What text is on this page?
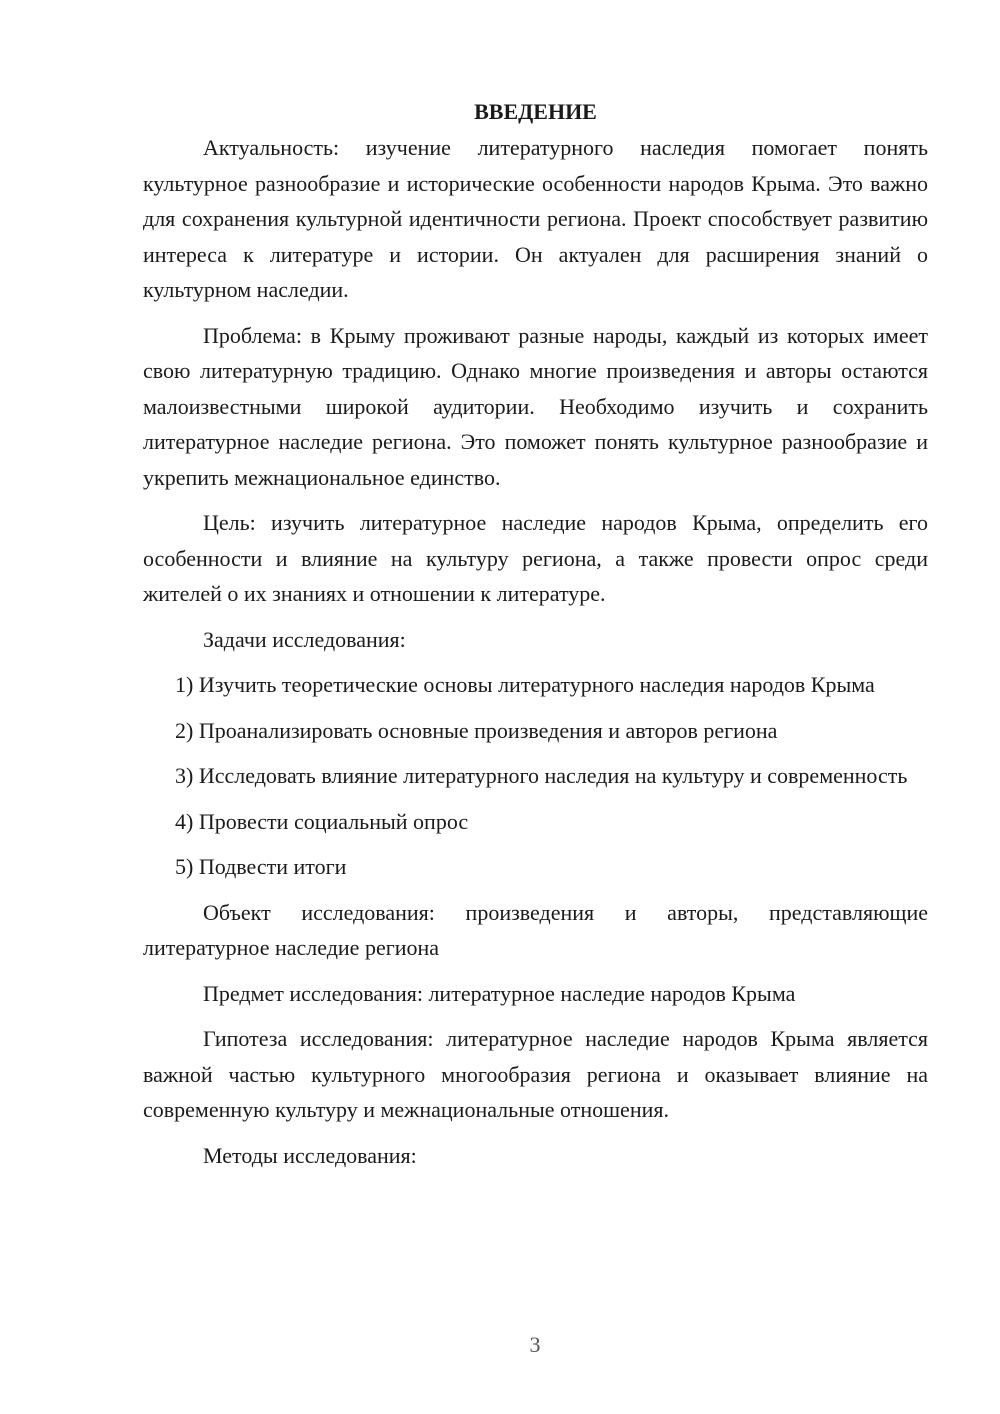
ВВЕДЕНИЕ

Актуальность: изучение литературного наследия помогает понять культурное разнообразие и исторические особенности народов Крыма. Это важно для сохранения культурной идентичности региона. Проект способствует развитию интереса к литературе и истории. Он актуален для расширения знаний о культурном наследии.

Проблема: в Крыму проживают разные народы, каждый из которых имеет свою литературную традицию. Однако многие произведения и авторы остаются малоизвестными широкой аудитории. Необходимо изучить и сохранить литературное наследие региона. Это поможет понять культурное разнообразие и укрепить межнациональное единство.

Цель: изучить литературное наследие народов Крыма, определить его особенности и влияние на культуру региона, а также провести опрос среди жителей о их знаниях и отношении к литературе.

Задачи исследования:

1) Изучить теоретические основы литературного наследия народов Крыма

2) Проанализировать основные произведения и авторов региона

3) Исследовать влияние литературного наследия на культуру и современность

4) Провести социальный опрос

5) Подвести итоги

Объект исследования: произведения и авторы, представляющие литературное наследие региона

Предмет исследования: литературное наследие народов Крыма

Гипотеза исследования: литературное наследие народов Крыма является важной частью культурного многообразия региона и оказывает влияние на современную культуру и межнациональные отношения.

Методы исследования:

3
